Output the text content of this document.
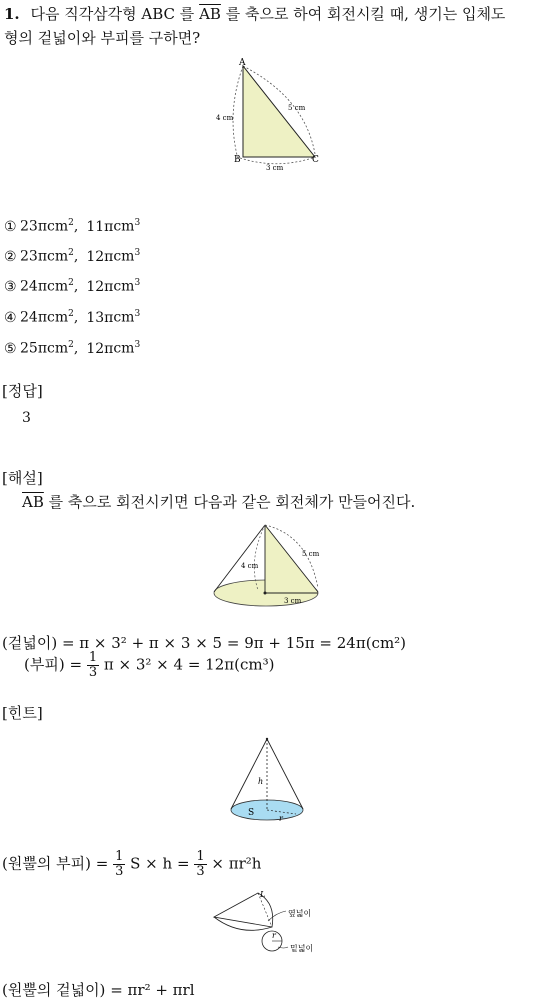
1. 다음 직각삼각형 ABC 를 $\overline{AB}$ 를 축으로 하여 회전시킬 때, 생기는 입체도
형의 겉넓이와 부피를 구하면?
A
B	C
4 cm
5 cm
3 cm
① 23πcm$^2$, 11πcm$^3$
② 23πcm$^2$, 12πcm$^3$
③ 24πcm$^2$, 12πcm$^3$
④ 24πcm$^2$, 13πcm$^3$
⑤ 25πcm$^2$, 12πcm$^3$
[정답]
3
[해설]
$\overline{AB}$ 를 축으로 회전시키면 다음과 같은 회전체가 만들어진다.
4 cm
5 cm
3 cm
(겉넓이) = π × 3² + π × 3 × 5 = 9π + 15π = 24π(cm²)
(부피) = $\frac{1}{3}$ π × 3² × 4 = 12π(cm³)
[힌트]
h
S
r
(원뿔의 부피) = $\frac{1}{3}$ $S \times h = \frac{1}{3} \times \pi r^2h$
L
옆넓이
r
밑넓이
(원뿔의 겉넓이) = πr² + πrl
